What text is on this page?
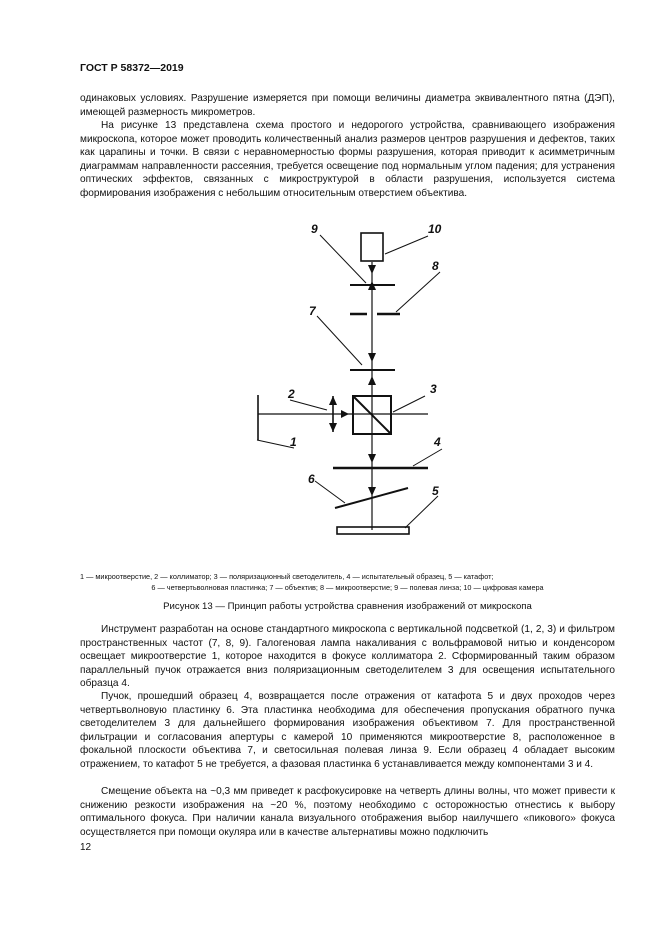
ГОСТ Р 58372—2019

одинаковых условиях. Разрушение измеряется при помощи величины диаметра эквивалентного пятна (ДЭП), имеющей размерность микрометров.

На рисунке 13 представлена схема простого и недорогого устройства, сравнивающего изображения микроскопа, которое может проводить количественный анализ размеров центров разрушения и дефектов, таких как царапины и точки. В связи с неравномерностью формы разрушения, которая приводит к асимметричным диаграммам направленности рассеяния, требуется освещение под нормальным углом падения; для устранения оптических эффектов, связанных с микроструктурой в области разрушения, используется система формирования изображения с небольшим относительным отверстием объектива.

9	10
8
7
2	3
1	4
6
5
1 — микроотверстие, 2 — коллиматор; 3 — поляризационный светоделитель, 4 — испытательный образец, 5 — катафот;
6 — четвертьволновая пластинка; 7 — объектив; 8 — микроотверстие; 9 — полевая линза; 10 — цифровая камера
Рисунок 13 — Принцип работы устройства сравнения изображений от микроскопа

Инструмент разработан на основе стандартного микроскопа с вертикальной подсветкой (1, 2, 3) и фильтром пространственных частот (7, 8, 9). Галогеновая лампа накаливания с вольфрамовой нитью и конденсором освещает микроотверстие 1, которое находится в фокусе коллиматора 2. Сформированный таким образом параллельный пучок отражается вниз поляризационным светоделителем 3 для освещения испытательного образца 4.

Пучок, прошедший образец 4, возвращается после отражения от катафота 5 и двух проходов через четвертьволновую пластинку 6. Эта пластинка необходима для обеспечения пропускания обратного пучка светоделителем 3 для дальнейшего формирования изображения объективом 7. Для пространственной фильтрации и согласования апертуры с камерой 10 применяются микроотверстие 8, расположенное в фокальной плоскости объектива 7, и светосильная полевая линза 9. Если образец 4 обладает высоким отражением, то катафот 5 не требуется, а фазовая пластинка 6 устанавливается между компонентами 3 и 4.

Смещение объекта на ~0,3 мм приведет к расфокусировке на четверть длины волны, что может привести к снижению резкости изображения на ~20 %, поэтому необходимо с осторожностью отнестись к выбору оптимального фокуса. При наличии канала визуального отображения выбор наилучшего «пикового» фокуса осуществляется при помощи окуляра или в качестве альтернативы можно подключить

12
